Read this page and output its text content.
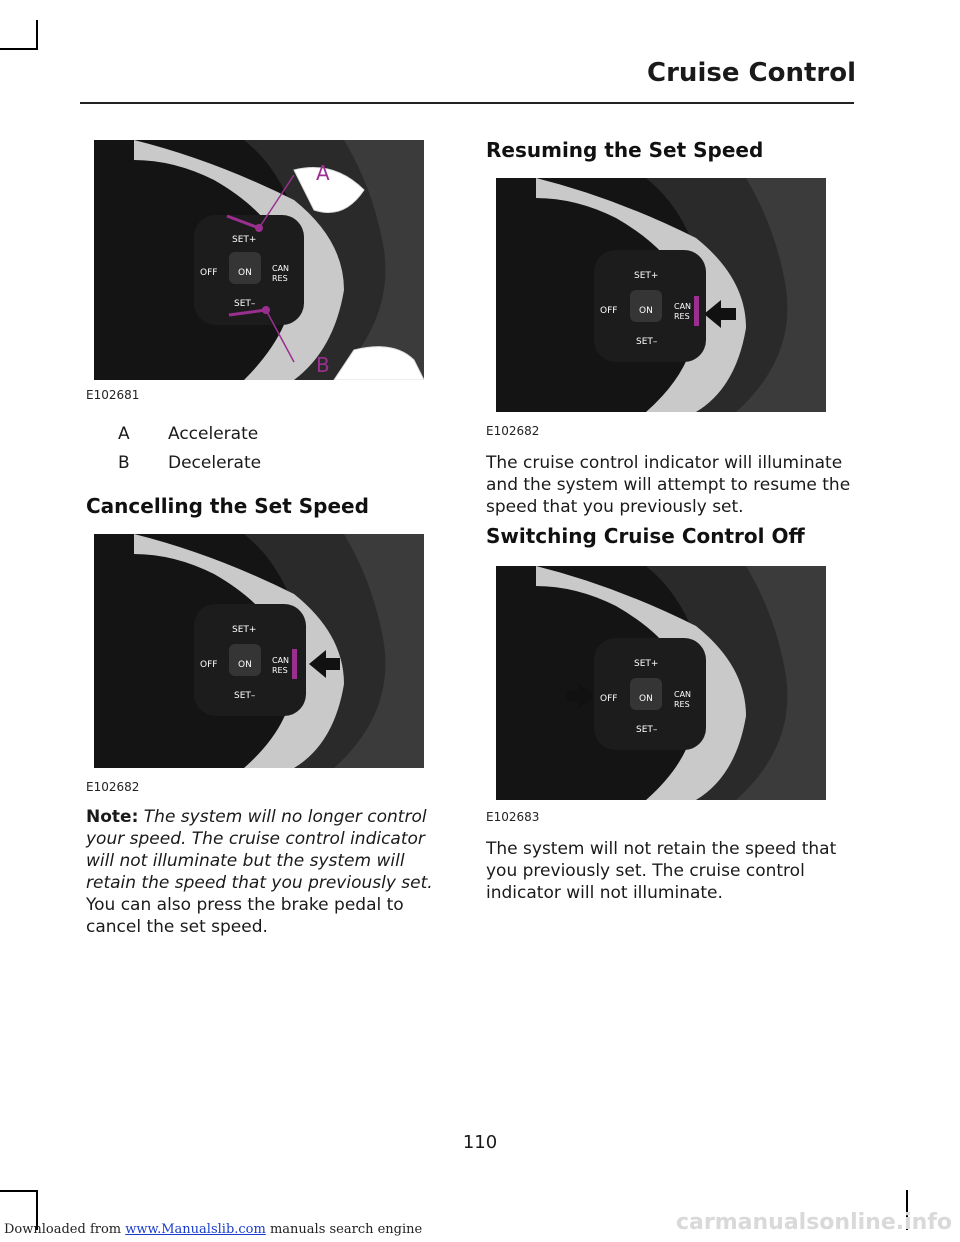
Cruise Control
SET+
OFF ON	CAN
RES
SET–
A
B
E102681
A Accelerate
B Decelerate
Cancelling the Set Speed
SET+
OFF ON	CAN
RES
SET–
E102682
Note: The system will no longer control your speed. The cruise control indicator will not illuminate but the system will retain the speed that you previously set.
You can also press the brake pedal to cancel the set speed.
Resuming the Set Speed
SET+
OFF ON	CAN
RES
SET–
E102682
The cruise control indicator will illuminate and the system will attempt to resume the speed that you previously set.
Switching Cruise Control Off
SET+
OFF ON	CAN
RES
SET–
E102683
The system will not retain the speed that you previously set. The cruise control indicator will not illuminate.
110
Downloaded from www.Manualslib.com manuals search engine	carmanualsonline.info
